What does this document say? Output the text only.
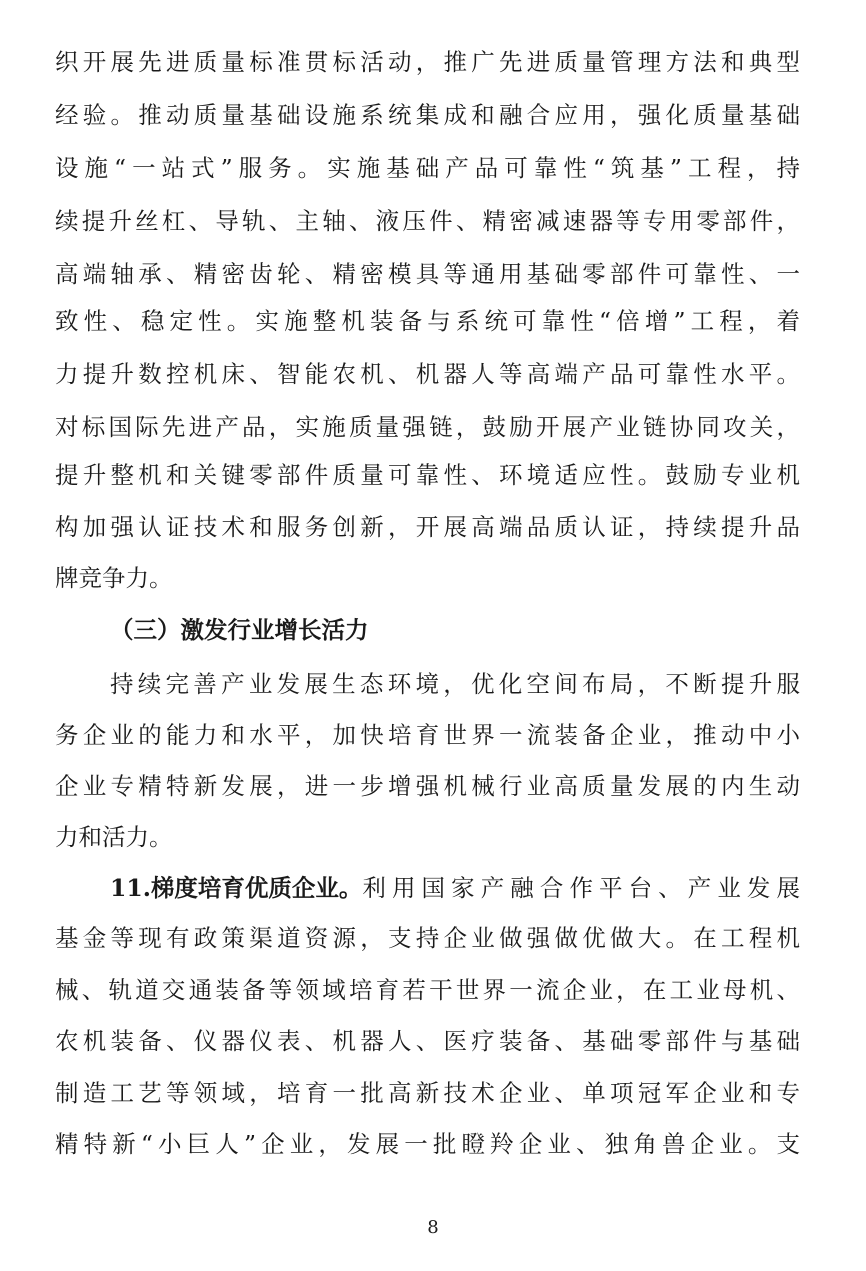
织开展先进质量标准贯标活动，推广先进质量管理方法和典型
经验。推动质量基础设施系统集成和融合应用，强化质量基础
设施“一站式”服务。实施基础产品可靠性“筑基”工程，持
续提升丝杠、导轨、主轴、液压件、精密减速器等专用零部件，
高端轴承、精密齿轮、精密模具等通用基础零部件可靠性、一
致性、稳定性。实施整机装备与系统可靠性“倍增”工程，着
力提升数控机床、智能农机、机器人等高端产品可靠性水平。
对标国际先进产品，实施质量强链，鼓励开展产业链协同攻关，
提升整机和关键零部件质量可靠性、环境适应性。鼓励专业机
构加强认证技术和服务创新，开展高端品质认证，持续提升品
牌竞争力。
（三）激发行业增长活力
持续完善产业发展生态环境，优化空间布局，不断提升服
务企业的能力和水平，加快培育世界一流装备企业，推动中小
企业专精特新发展，进一步增强机械行业高质量发展的内生动
力和活力。
11.梯度培育优质企业。 利用国家产融合作平台、产业发展
基金等现有政策渠道资源，支持企业做强做优做大。在工程机
械、轨道交通装备等领域培育若干世界一流企业，在工业母机、
农机装备、仪器仪表、机器人、医疗装备、基础零部件与基础
制造工艺等领域，培育一批高新技术企业、单项冠军企业和专
精特新“小巨人”企业，发展一批瞪羚企业、独角兽企业。支
8
